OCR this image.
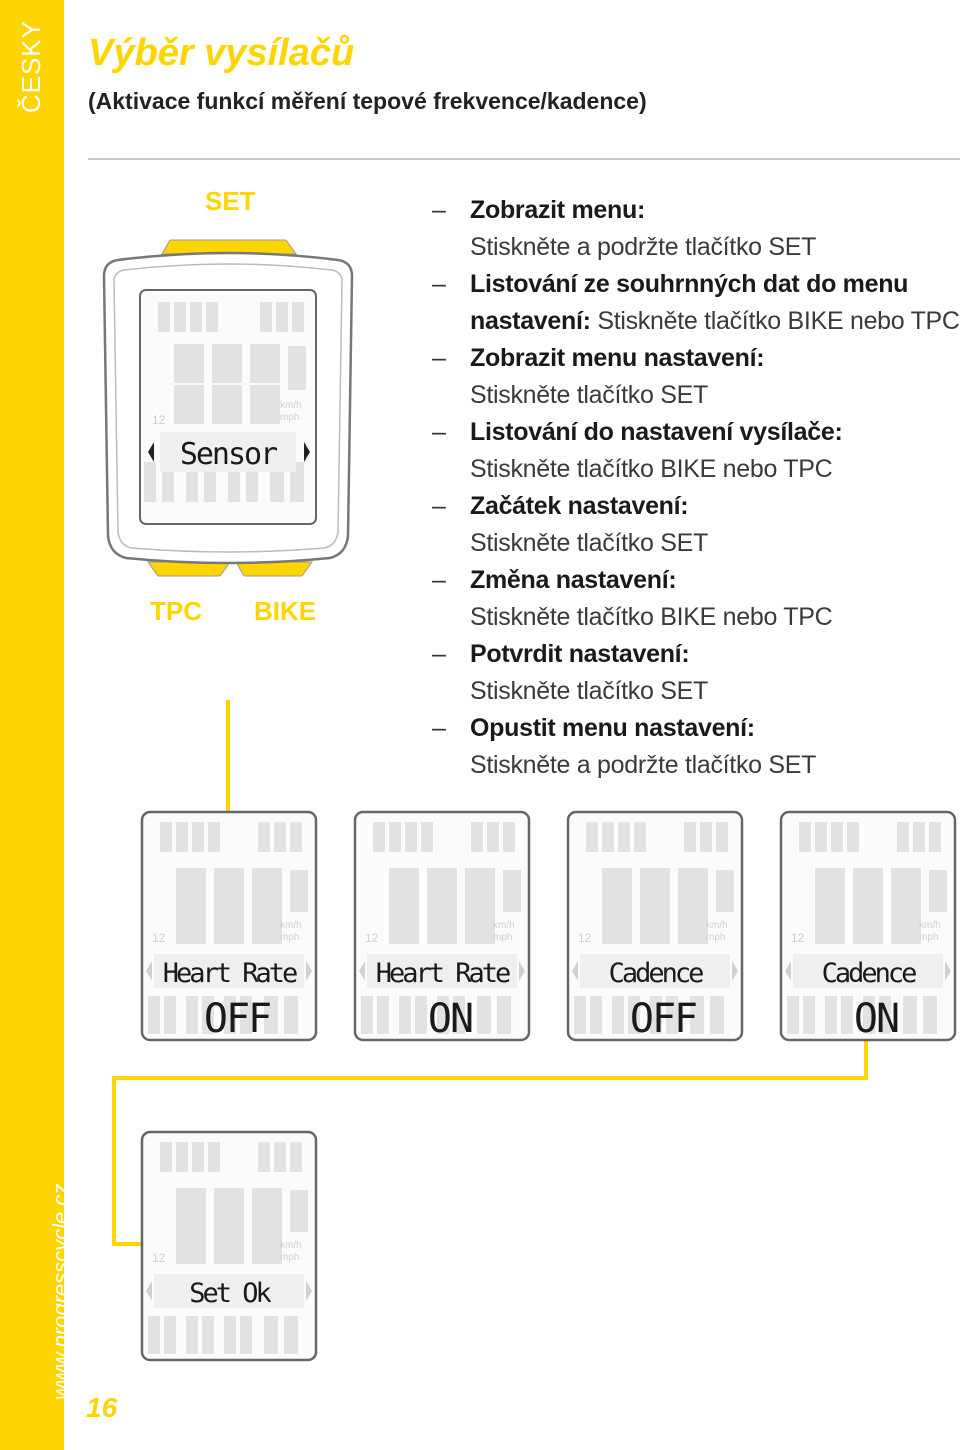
ČESKY
www.progresscycle.cz
Výběr vysílačů
(Aktivace funkcí měření tepové frekvence/kadence)
SET
TPC BIKE
km/h
mph
12
Sensor
– Zobrazit menu:
Stiskněte a podržte tlačítko SET
– Listování ze souhrnných dat do menu nastavení: Stiskněte tlačítko BIKE nebo TPC
– Zobrazit menu nastavení:
Stiskněte tlačítko SET
– Listování do nastavení vysílače:
Stiskněte tlačítko BIKE nebo TPC
– Začátek nastavení:
Stiskněte tlačítko SET
– Změna nastavení:
Stiskněte tlačítko BIKE nebo TPC
– Potvrdit nastavení:
Stiskněte tlačítko SET
– Opustit menu nastavení:
Stiskněte a podržte tlačítko SET
km/h
mph
12
Heart Rate
OFF
km/h
mph
12
Heart Rate
ON
km/h
mph
12
Cadence
OFF
km/h
mph
12
Cadence
ON
km/h
mph
12
Set Ok
16
